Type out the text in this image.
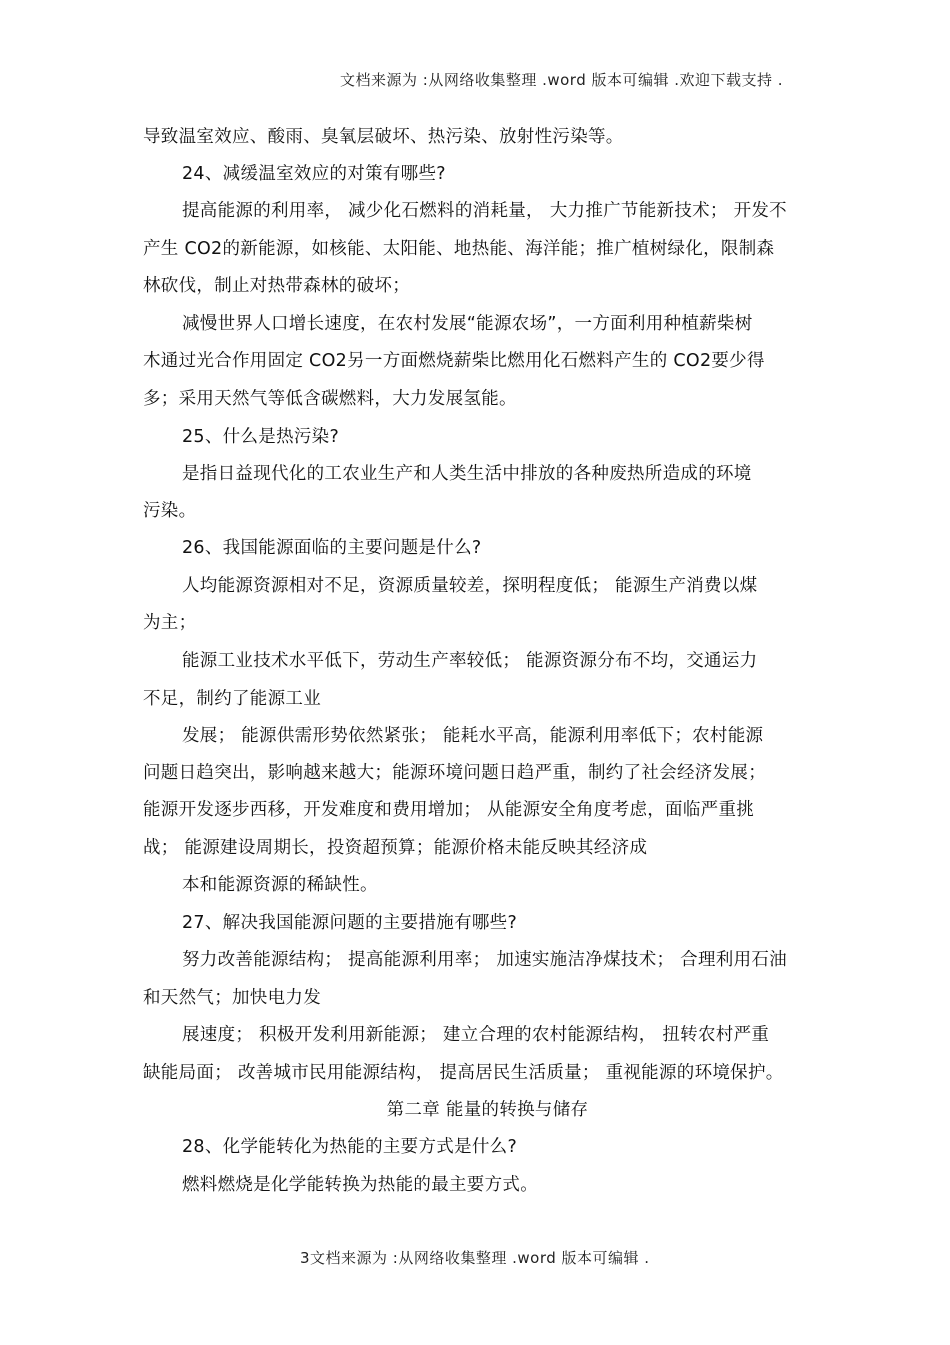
文档来源为 :从网络收集整理 .word 版本可编辑 .欢迎下载支持 .
导致温室效应、酸雨、臭氧层破坏、热污染、放射性污染等。
24、减缓温室效应的对策有哪些?
提高能源的利用率， 减少化石燃料的消耗量， 大力推广节能新技术； 开发不
产生 CO2的新能源，如核能、太阳能、地热能、海洋能；推广植树绿化，限制森
林砍伐，制止对热带森林的破坏；
减慢世界人口增长速度，在农村发展“能源农场”，一方面利用种植薪柴树
木通过光合作用固定 CO2另一方面燃烧薪柴比燃用化石燃料产生的 CO2要少得
多；采用天然气等低含碳燃料，大力发展氢能。
25、什么是热污染?
是指日益现代化的工农业生产和人类生活中排放的各种废热所造成的环境
污染。
26、我国能源面临的主要问题是什么?
人均能源资源相对不足，资源质量较差，探明程度低； 能源生产消费以煤
为主；
能源工业技术水平低下，劳动生产率较低； 能源资源分布不均，交通运力
不足，制约了能源工业
发展； 能源供需形势依然紧张； 能耗水平高，能源利用率低下；农村能源
问题日趋突出，影响越来越大；能源环境问题日趋严重，制约了社会经济发展；
能源开发逐步西移，开发难度和费用增加； 从能源安全角度考虑，面临严重挑
战； 能源建设周期长，投资超预算；能源价格未能反映其经济成
本和能源资源的稀缺性。
27、解决我国能源问题的主要措施有哪些?
努力改善能源结构； 提高能源利用率； 加速实施洁净煤技术； 合理利用石油
和天然气；加快电力发
展速度； 积极开发利用新能源； 建立合理的农村能源结构， 扭转农村严重
缺能局面； 改善城市民用能源结构， 提高居民生活质量； 重视能源的环境保护。
第二章 能量的转换与储存
28、化学能转化为热能的主要方式是什么?
燃料燃烧是化学能转换为热能的最主要方式。
3文档来源为 :从网络收集整理 .word 版本可编辑 .
